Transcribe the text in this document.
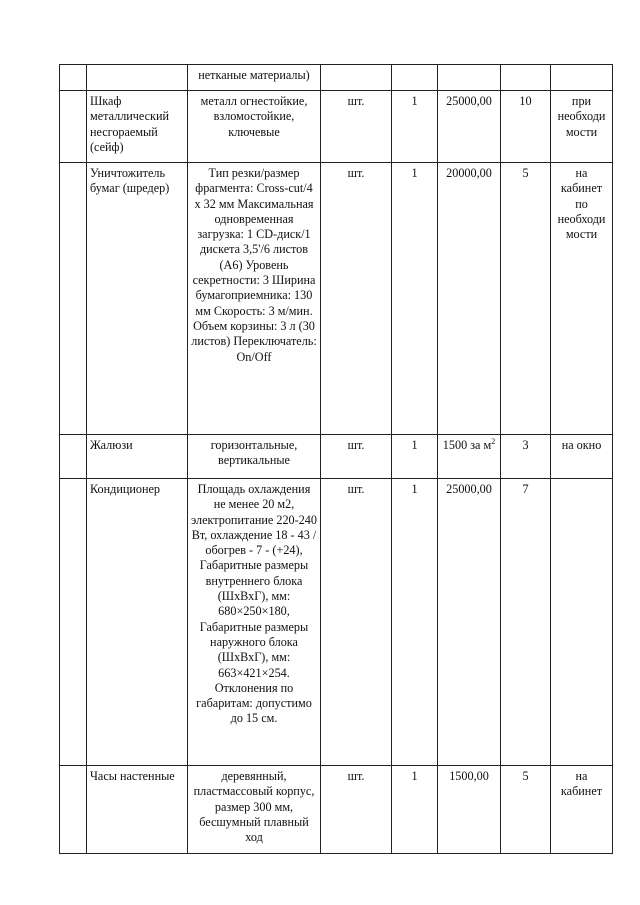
		нетканые материалы)					
	Шкаф металлический несгораемый (сейф)	металл огнестойкие, взломостойкие, ключевые	шт.	1	25000,00	10	при необходи мости
	Уничтожитель бумаг (шредер)	Тип резки/размер фрагмента: Cross-cut/4 х 32 мм Максимальная одновременная загрузка: 1 CD-диск/1 дискета 3,5'/6 листов (А6) Уровень секретности: 3 Ширина бумагоприемника: 130 мм Скорость: 3 м/мин. Объем корзины: 3 л (30 листов) Переключатель: On/Off	шт.	1	20000,00	5	на кабинет по необходи мости
	Жалюзи	горизонтальные, вертикальные	шт.	1	1500 за $м^2$	3	на окно
	Кондиционер	Площадь охлаждения не менее 20 м2, электропитание 220-240 Вт, охлаждение 18 - 43 / обогрев - 7 - (+24), Габаритные размеры внутреннего блока (ШхВхГ), мм: 680×250×180, Габаритные размеры наружного блока (ШхВхГ), мм: 663×421×254. Отклонения по габаритам: допустимо до 15 см.	шт.	1	25000,00	7	
	Часы настенные	деревянный, пластмассовый корпус, размер 300 мм, бесшумный плавный ход	шт.	1	1500,00	5	на кабинет
